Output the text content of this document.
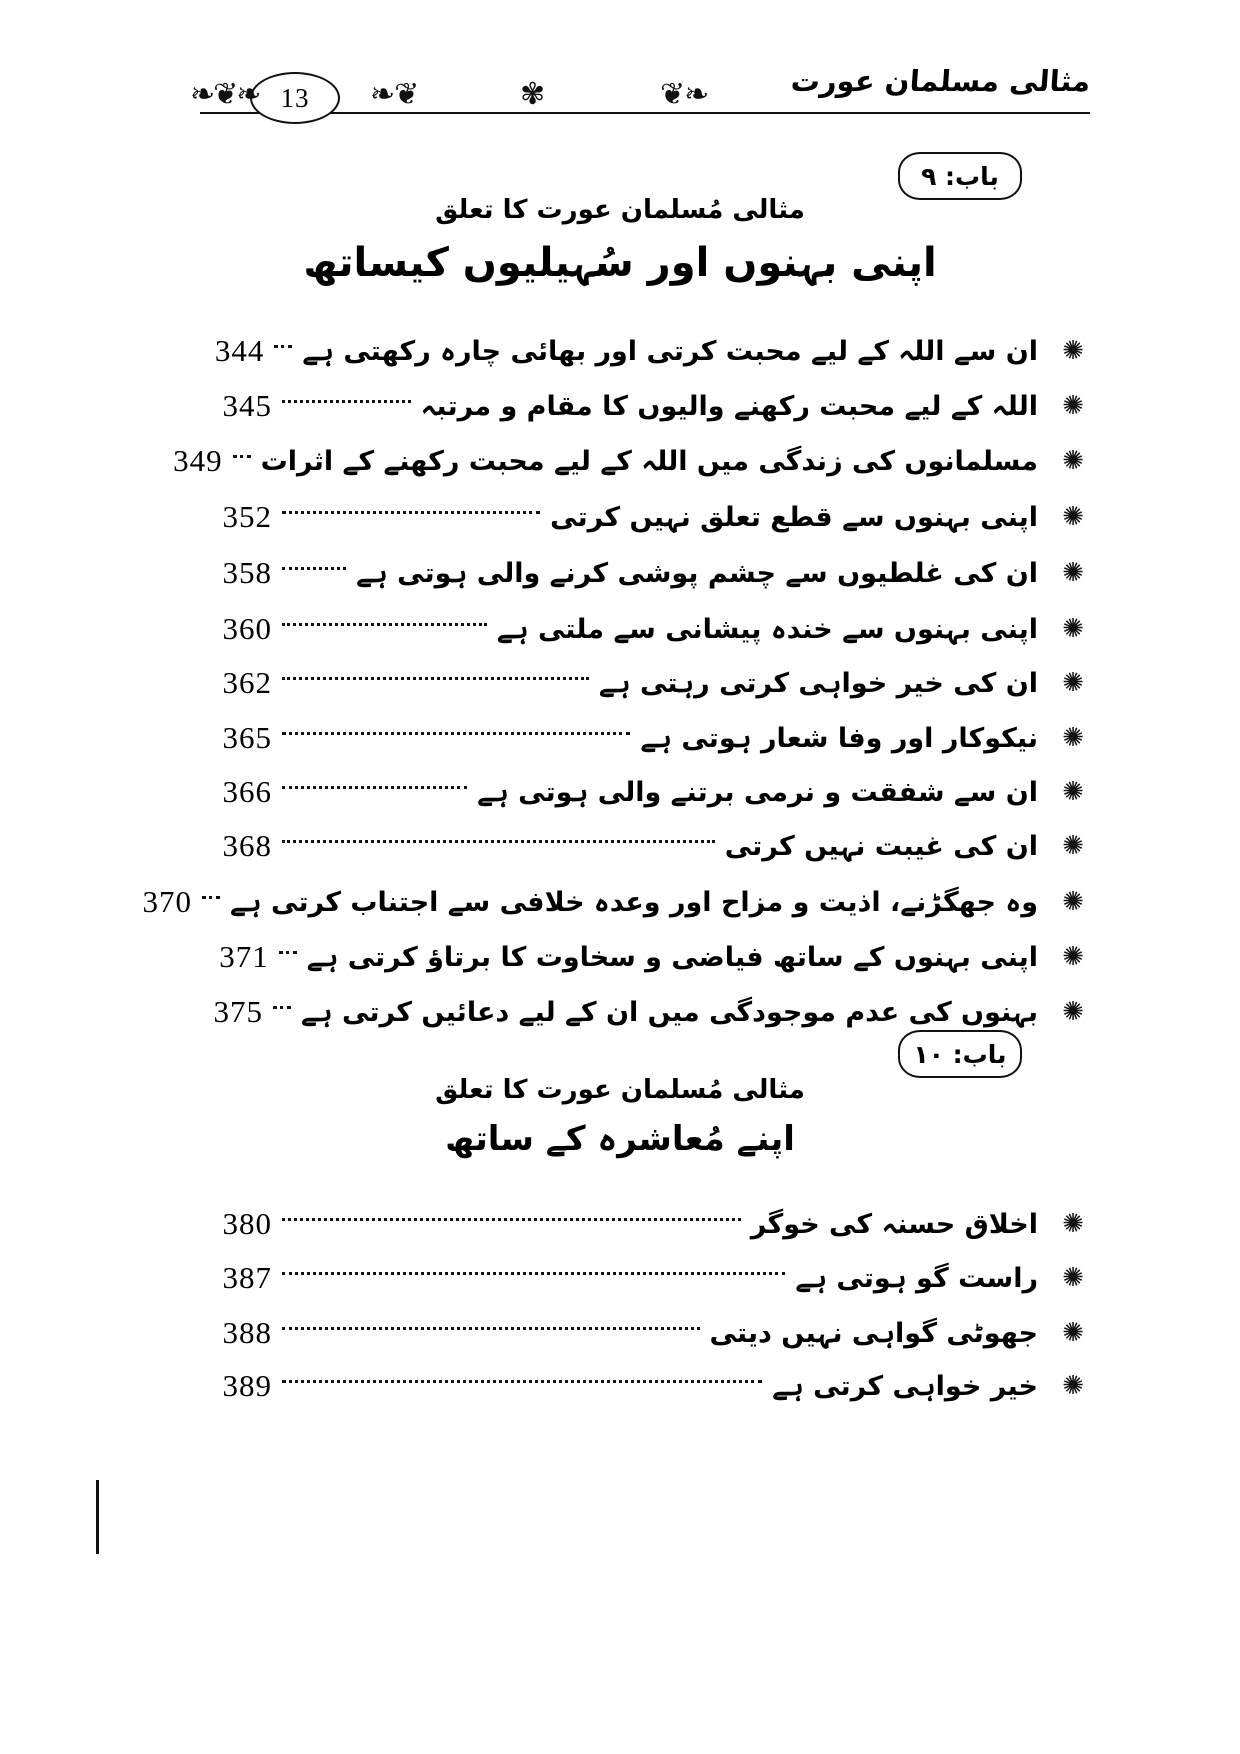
13	مثالی مسلمان عورت
❧❦❧	❦❧	✾	❧❦
باب: ۹
مثالی مُسلمان عورت کا تعلق
اپنی بہنوں اور سُہیلیوں کیساتھ
✺
ان سے اللہ کے لیے محبت کرتی اور بھائی چارہ رکھتی ہے
344
✺
اللہ کے لیے محبت رکھنے والیوں کا مقام و مرتبہ
345
✺
مسلمانوں کی زندگی میں اللہ کے لیے محبت رکھنے کے اثرات
349
✺
اپنی بہنوں سے قطع تعلق نہیں کرتی
352
✺
ان کی غلطیوں سے چشم پوشی کرنے والی ہوتی ہے
358
✺
اپنی بہنوں سے خندہ پیشانی سے ملتی ہے
360
✺
ان کی خیر خواہی کرتی رہتی ہے
362
✺
نیکوکار اور وفا شعار ہوتی ہے
365
✺
ان سے شفقت و نرمی برتنے والی ہوتی ہے
366
✺
ان کی غیبت نہیں کرتی
368
✺
وہ جھگڑنے، اذیت و مزاح اور وعدہ خلافی سے اجتناب کرتی ہے
370
✺
اپنی بہنوں کے ساتھ فیاضی و سخاوت کا برتاؤ کرتی ہے
371
✺
بہنوں کی عدم موجودگی میں ان کے لیے دعائیں کرتی ہے
375
باب: ۱۰
مثالی مُسلمان عورت کا تعلق
اپنے مُعاشرہ کے ساتھ
✺
اخلاق حسنہ کی خوگر
380
✺
راست گو ہوتی ہے
387
✺
جھوٹی گواہی نہیں دیتی
388
✺
خیر خواہی کرتی ہے
389
